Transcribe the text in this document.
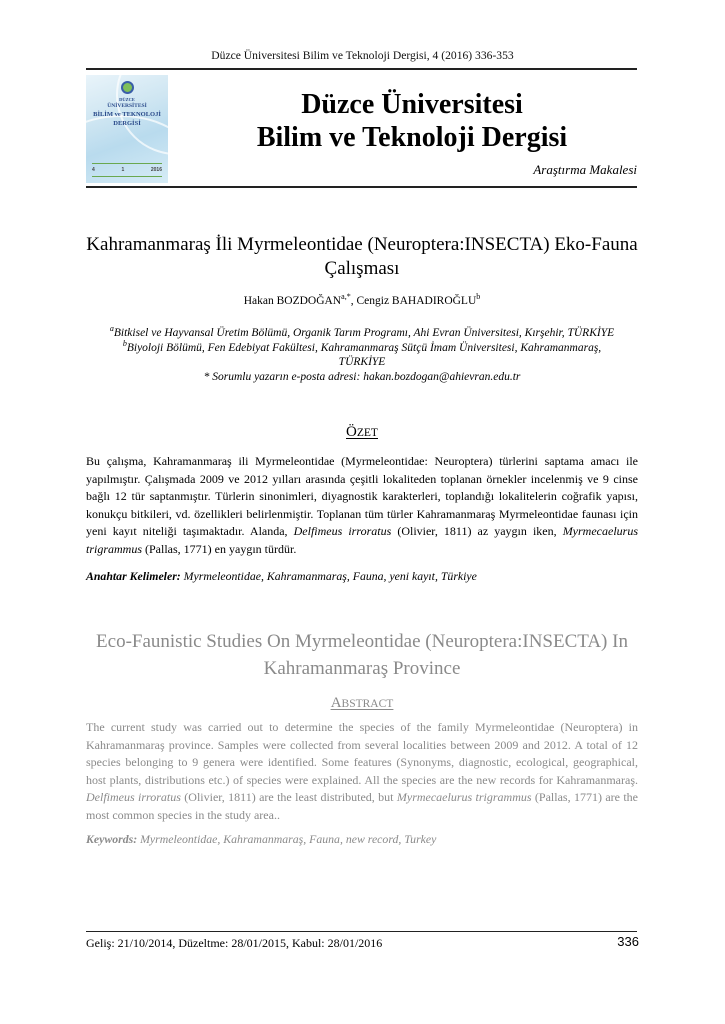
Düzce Üniversitesi Bilim ve Teknoloji Dergisi, 4 (2016) 336-353
DÜZCE
ÜNİVERSİTESİ
BİLİM ve TEKNOLOJİ
DERGİSİ
4	1	2016
Düzce Üniversitesi
Bilim ve Teknoloji Dergisi
Araştırma Makalesi
Kahramanmaraş İli Myrmeleontidae (Neuroptera:INSECTA) Eko-Fauna Çalışması
Hakan $BOZDOĞAN^{a,*}$, Cengiz BAHADIROĞLU$^b$
$^a$Bitkisel ve Hayvansal Üretim Bölümü, Organik Tarım Programı, Ahi Evran Üniversitesi, Kırşehir, TÜRKİYE
$^b$Biyoloji Bölümü, Fen Edebiyat Fakültesi, Kahramanmaraş Sütçü İmam Üniversitesi, Kahramanmaraş, TÜRKİYE
* Sorumlu yazarın e-posta adresi: hakan.bozdogan@ahievran.edu.tr
ÖZET
Bu çalışma, Kahramanmaraş ili Myrmeleontidae (Myrmeleontidae: Neuroptera) türlerini saptama amacı ile yapılmıştır. Çalışmada 2009 ve 2012 yılları arasında çeşitli lokaliteden toplanan örnekler incelenmiş ve 9 cinse bağlı 12 tür saptanmıştır. Türlerin sinonimleri, diyagnostik karakterleri, toplandığı lokalitelerin coğrafik yapısı, konukçu bitkileri, vd. özellikleri belirlenmiştir. Toplanan tüm türler Kahramanmaraş Myrmeleontidae faunası için yeni kayıt niteliği taşımaktadır. Alanda, Delfimeus irroratus (Olivier, 1811) az yaygın iken, Myrmecaelurus trigrammus (Pallas, 1771) en yaygın türdür.
Anahtar Kelimeler: Myrmeleontidae, Kahramanmaraş, Fauna, yeni kayıt, Türkiye
Eco-Faunistic Studies On Myrmeleontidae (Neuroptera:INSECTA) In
Kahramanmaraş Province
ABSTRACT
The current study was carried out to determine the species of the family Myrmeleontidae (Neuroptera) in Kahramanmaraş province. Samples were collected from several localities between 2009 and 2012. A total of 12 species belonging to 9 genera were identified. Some features (Synonyms, diagnostic, ecological, geographical, host plants, distributions etc.) of species were explained. All the species are the new records for Kahramanmaraş. Delfimeus irroratus (Olivier, 1811) are the least distributed, but Myrmecaelurus trigrammus (Pallas, 1771) are the most common species in the study area..
Keywords: Myrmeleontidae, Kahramanmaraş, Fauna, new record, Turkey
Geliş: 21/10/2014, Düzeltme: 28/01/2015, Kabul: 28/01/2016	336
